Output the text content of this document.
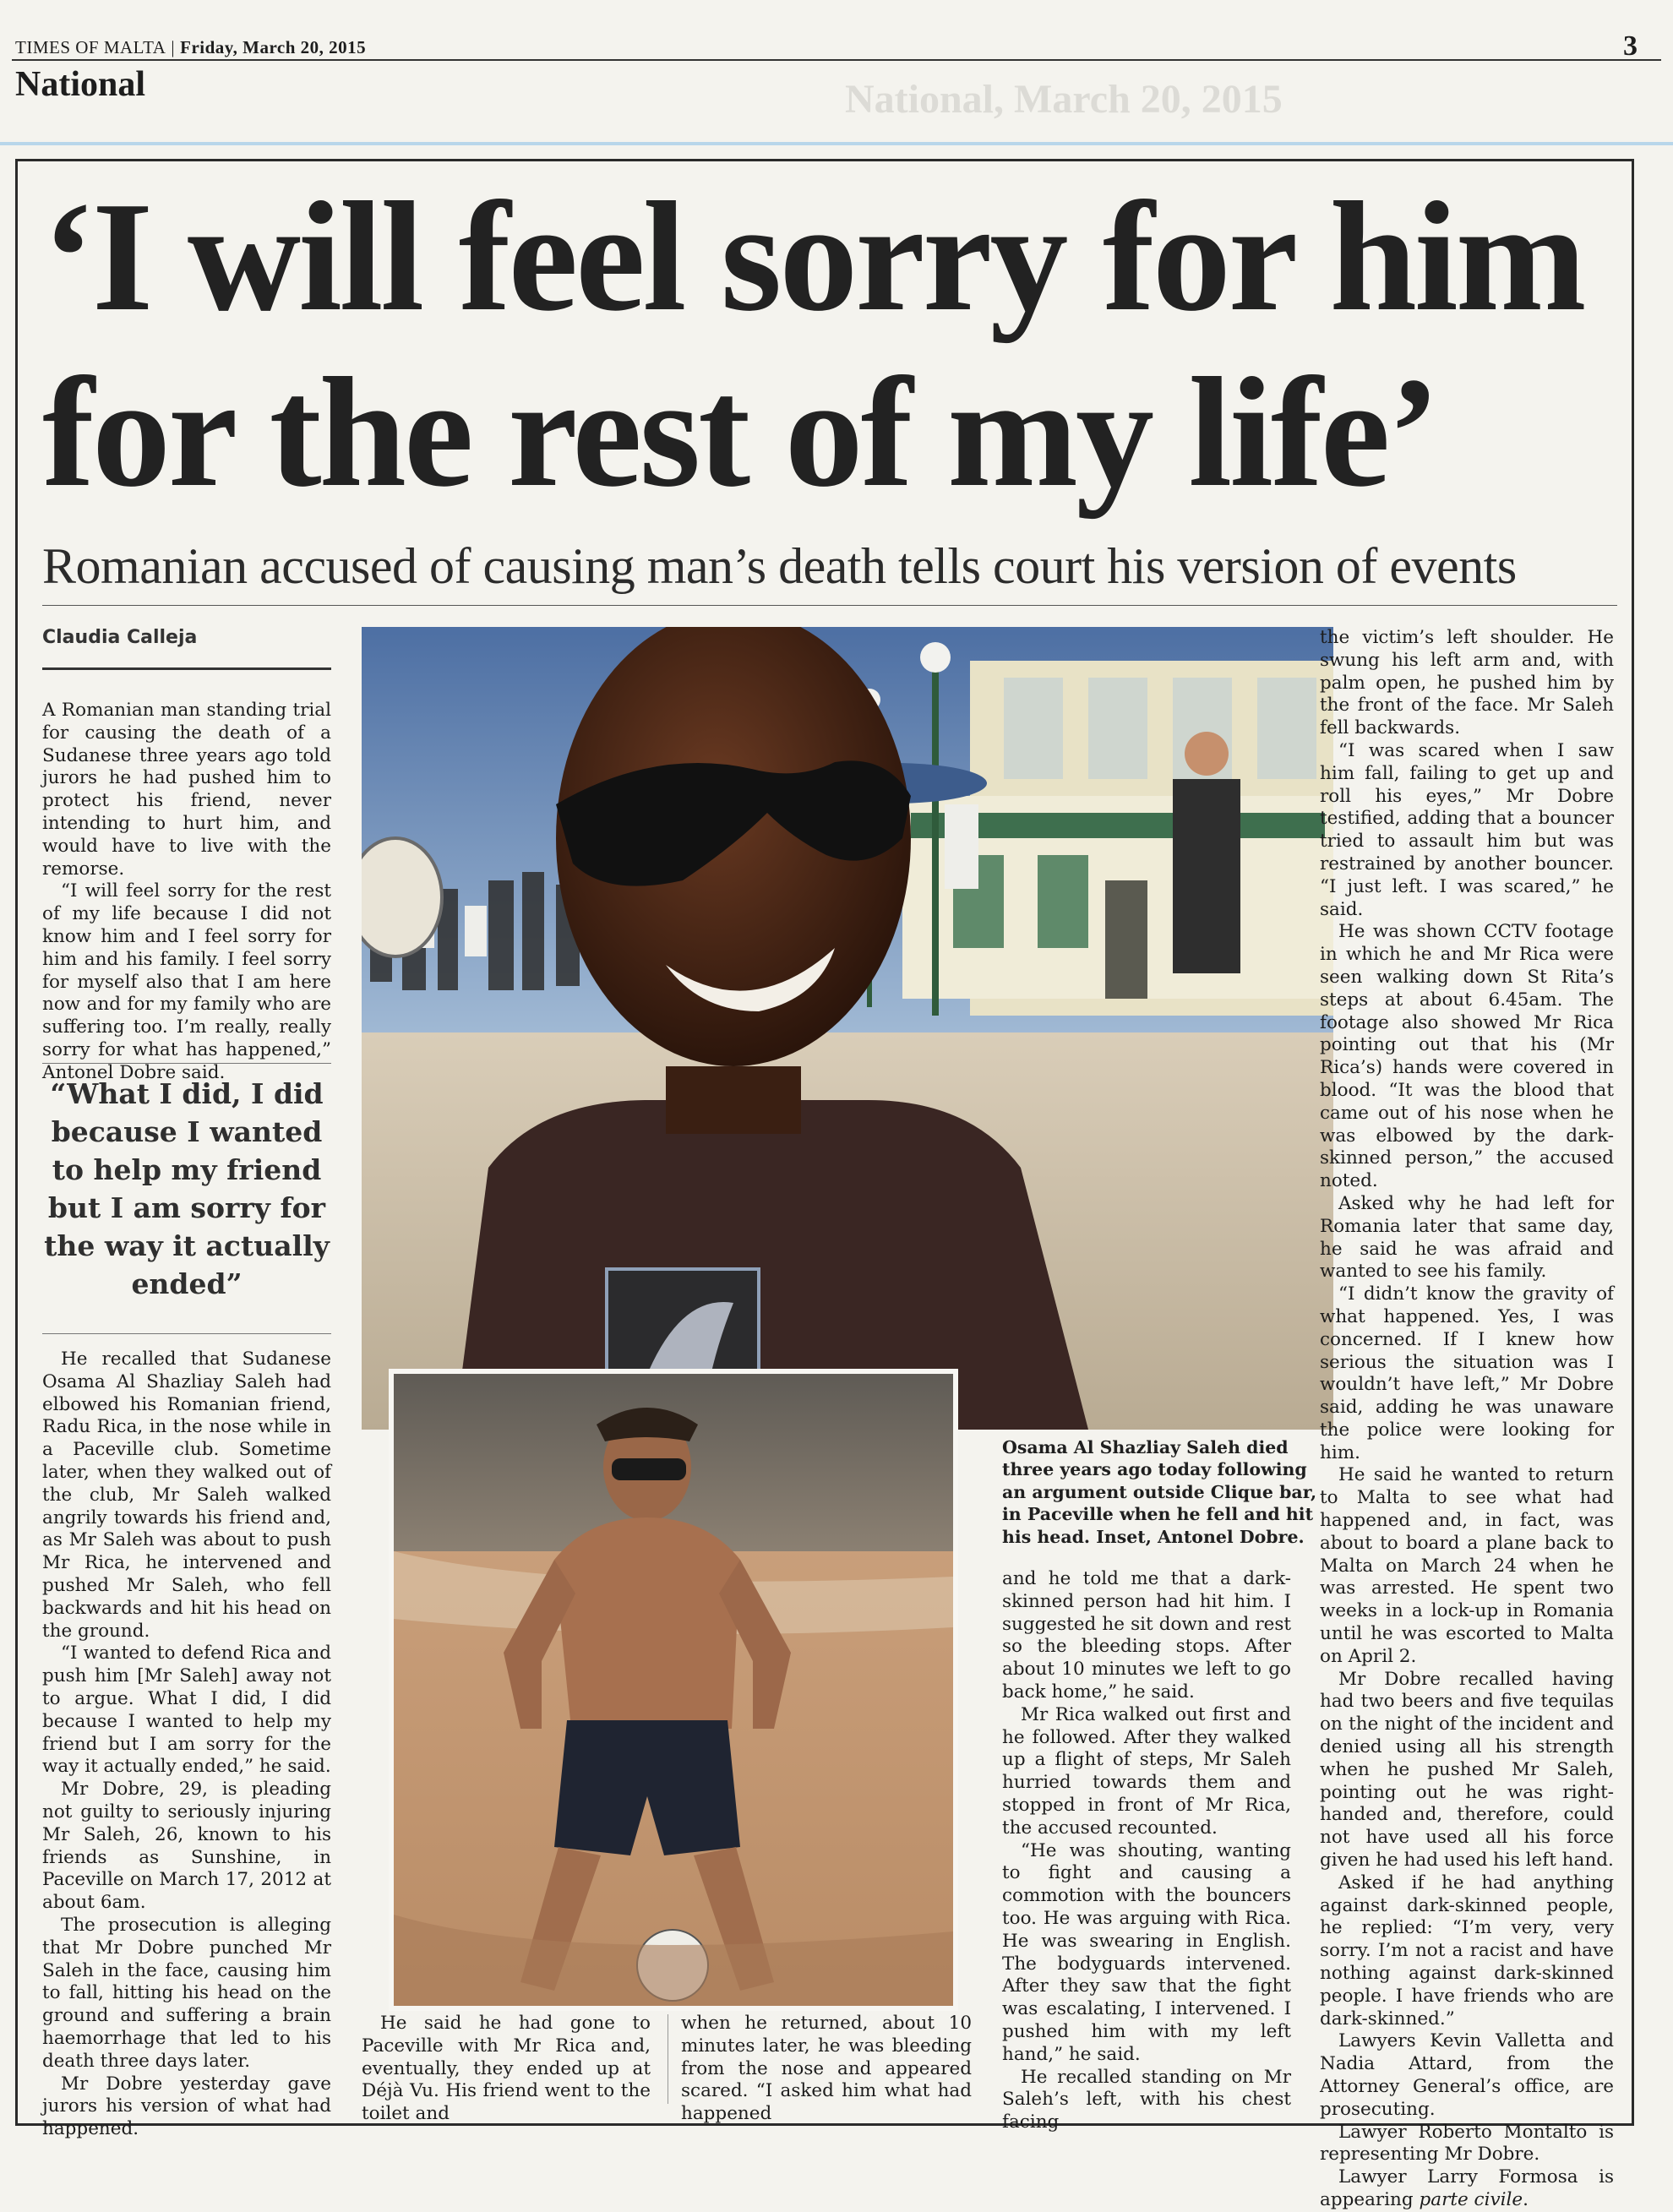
TIMES OF MALTA | Friday, March 20, 2015	3
National	National, March 20, 2015
‘I will feel sorry for him
for the rest of my life’
Romanian accused of causing man’s death tells court his version of events
Claudia Calleja

A Romanian man standing trial for causing the death of a Sudanese three years ago told jurors he had pushed him to protect his friend, never intending to hurt him, and would have to live with the remorse.

“I will feel sorry for the rest of my life because I did not know him and I feel sorry for him and his family. I feel sorry for myself also that I am here now and for my family who are suffering too. I’m really, really sorry for what has happened,” Antonel Dobre said.

“What I did, I did because I wanted to help my friend but I am sorry for the way it actually ended”

He recalled that Sudanese Osama Al Shazliay Saleh had elbowed his Romanian friend, Radu Rica, in the nose while in a Paceville club. Sometime later, when they walked out of the club, Mr Saleh walked angrily towards his friend and, as Mr Saleh was about to push Mr Rica, he intervened and pushed Mr Saleh, who fell backwards and hit his head on the ground.

“I wanted to defend Rica and push him [Mr Saleh] away not to argue. What I did, I did because I wanted to help my friend but I am sorry for the way it actually ended,” he said.

Mr Dobre, 29, is pleading not guilty to seriously injuring Mr Saleh, 26, known to his friends as Sunshine, in Paceville on March 17, 2012 at about 6am.

The prosecution is alleging that Mr Dobre punched Mr Saleh in the face, causing him to fall, hitting his head on the ground and suffering a brain haemorrhage that led to his death three days later.

Mr Dobre yesterday gave jurors his version of what had happened.

Osama Al Shazliay Saleh died three years ago today following an argument outside Clique bar, in Paceville when he fell and hit his head. Inset, Antonel Dobre.

He said he had gone to Paceville with Mr Rica and, eventually, they ended up at Déjà Vu. His friend went to the toilet and

when he returned, about 10 minutes later, he was bleeding from the nose and appeared scared. “I asked him what had happened

and he told me that a dark-skinned person had hit him. I suggested he sit down and rest so the bleeding stops. After about 10 minutes we left to go back home,” he said.

Mr Rica walked out first and he followed. After they walked up a flight of steps, Mr Saleh hurried towards them and stopped in front of Mr Rica, the accused recounted.

“He was shouting, wanting to fight and causing a commotion with the bouncers too. He was arguing with Rica. He was swearing in English. The bodyguards intervened. After they saw that the fight was escalating, I intervened. I pushed him with my left hand,” he said.

He recalled standing on Mr Saleh’s left, with his chest facing

the victim’s left shoulder. He swung his left arm and, with palm open, he pushed him by the front of the face. Mr Saleh fell backwards.

“I was scared when I saw him fall, failing to get up and roll his eyes,” Mr Dobre testified, adding that a bouncer tried to assault him but was restrained by another bouncer. “I just left. I was scared,” he said.

He was shown CCTV footage in which he and Mr Rica were seen walking down St Rita’s steps at about 6.45am. The footage also showed Mr Rica pointing out that his (Mr Rica’s) hands were covered in blood. “It was the blood that came out of his nose when he was elbowed by the dark-skinned person,” the accused noted.

Asked why he had left for Romania later that same day, he said he was afraid and wanted to see his family.

“I didn’t know the gravity of what happened. Yes, I was concerned. If I knew how serious the situation was I wouldn’t have left,” Mr Dobre said, adding he was unaware the police were looking for him.

He said he wanted to return to Malta to see what had happened and, in fact, was about to board a plane back to Malta on March 24 when he was arrested. He spent two weeks in a lock-up in Romania until he was escorted to Malta on April 2.

Mr Dobre recalled having had two beers and five tequilas on the night of the incident and denied using all his strength when he pushed Mr Saleh, pointing out he was right-handed and, therefore, could not have used all his force given he had used his left hand.

Asked if he had anything against dark-skinned people, he replied: “I’m very, very sorry. I’m not a racist and have nothing against dark-skinned people. I have friends who are dark-skinned.”

Lawyers Kevin Valletta and Nadia Attard, from the Attorney General’s office, are prosecuting.

Lawyer Roberto Montalto is representing Mr Dobre.

Lawyer Larry Formosa is appearing parte civile.
